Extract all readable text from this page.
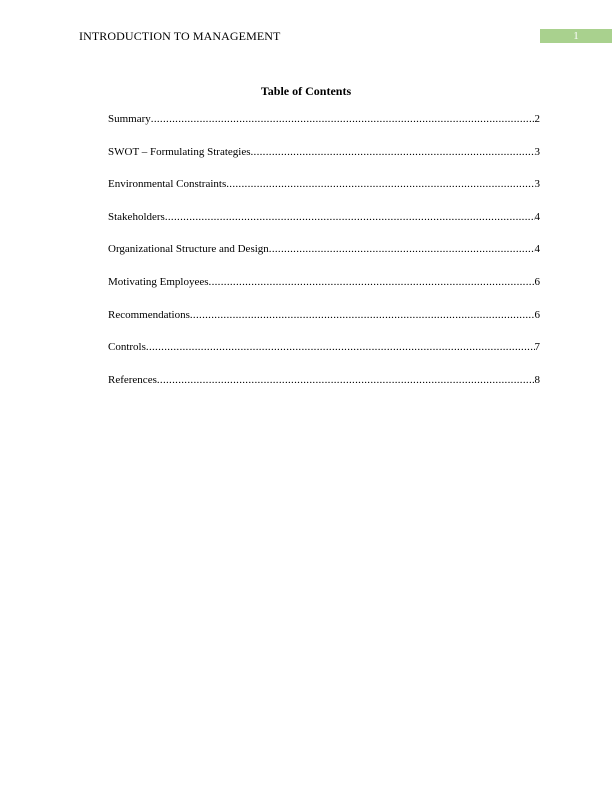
INTRODUCTION TO MANAGEMENT	1
Table of Contents
Summary .....	2
SWOT – Formulating Strategies .....	3
Environmental Constraints .....	3
Stakeholders .....	4
Organizational Structure and Design .....	4
Motivating Employees .....	6
Recommendations .....	6
Controls .....	7
References .....	8
